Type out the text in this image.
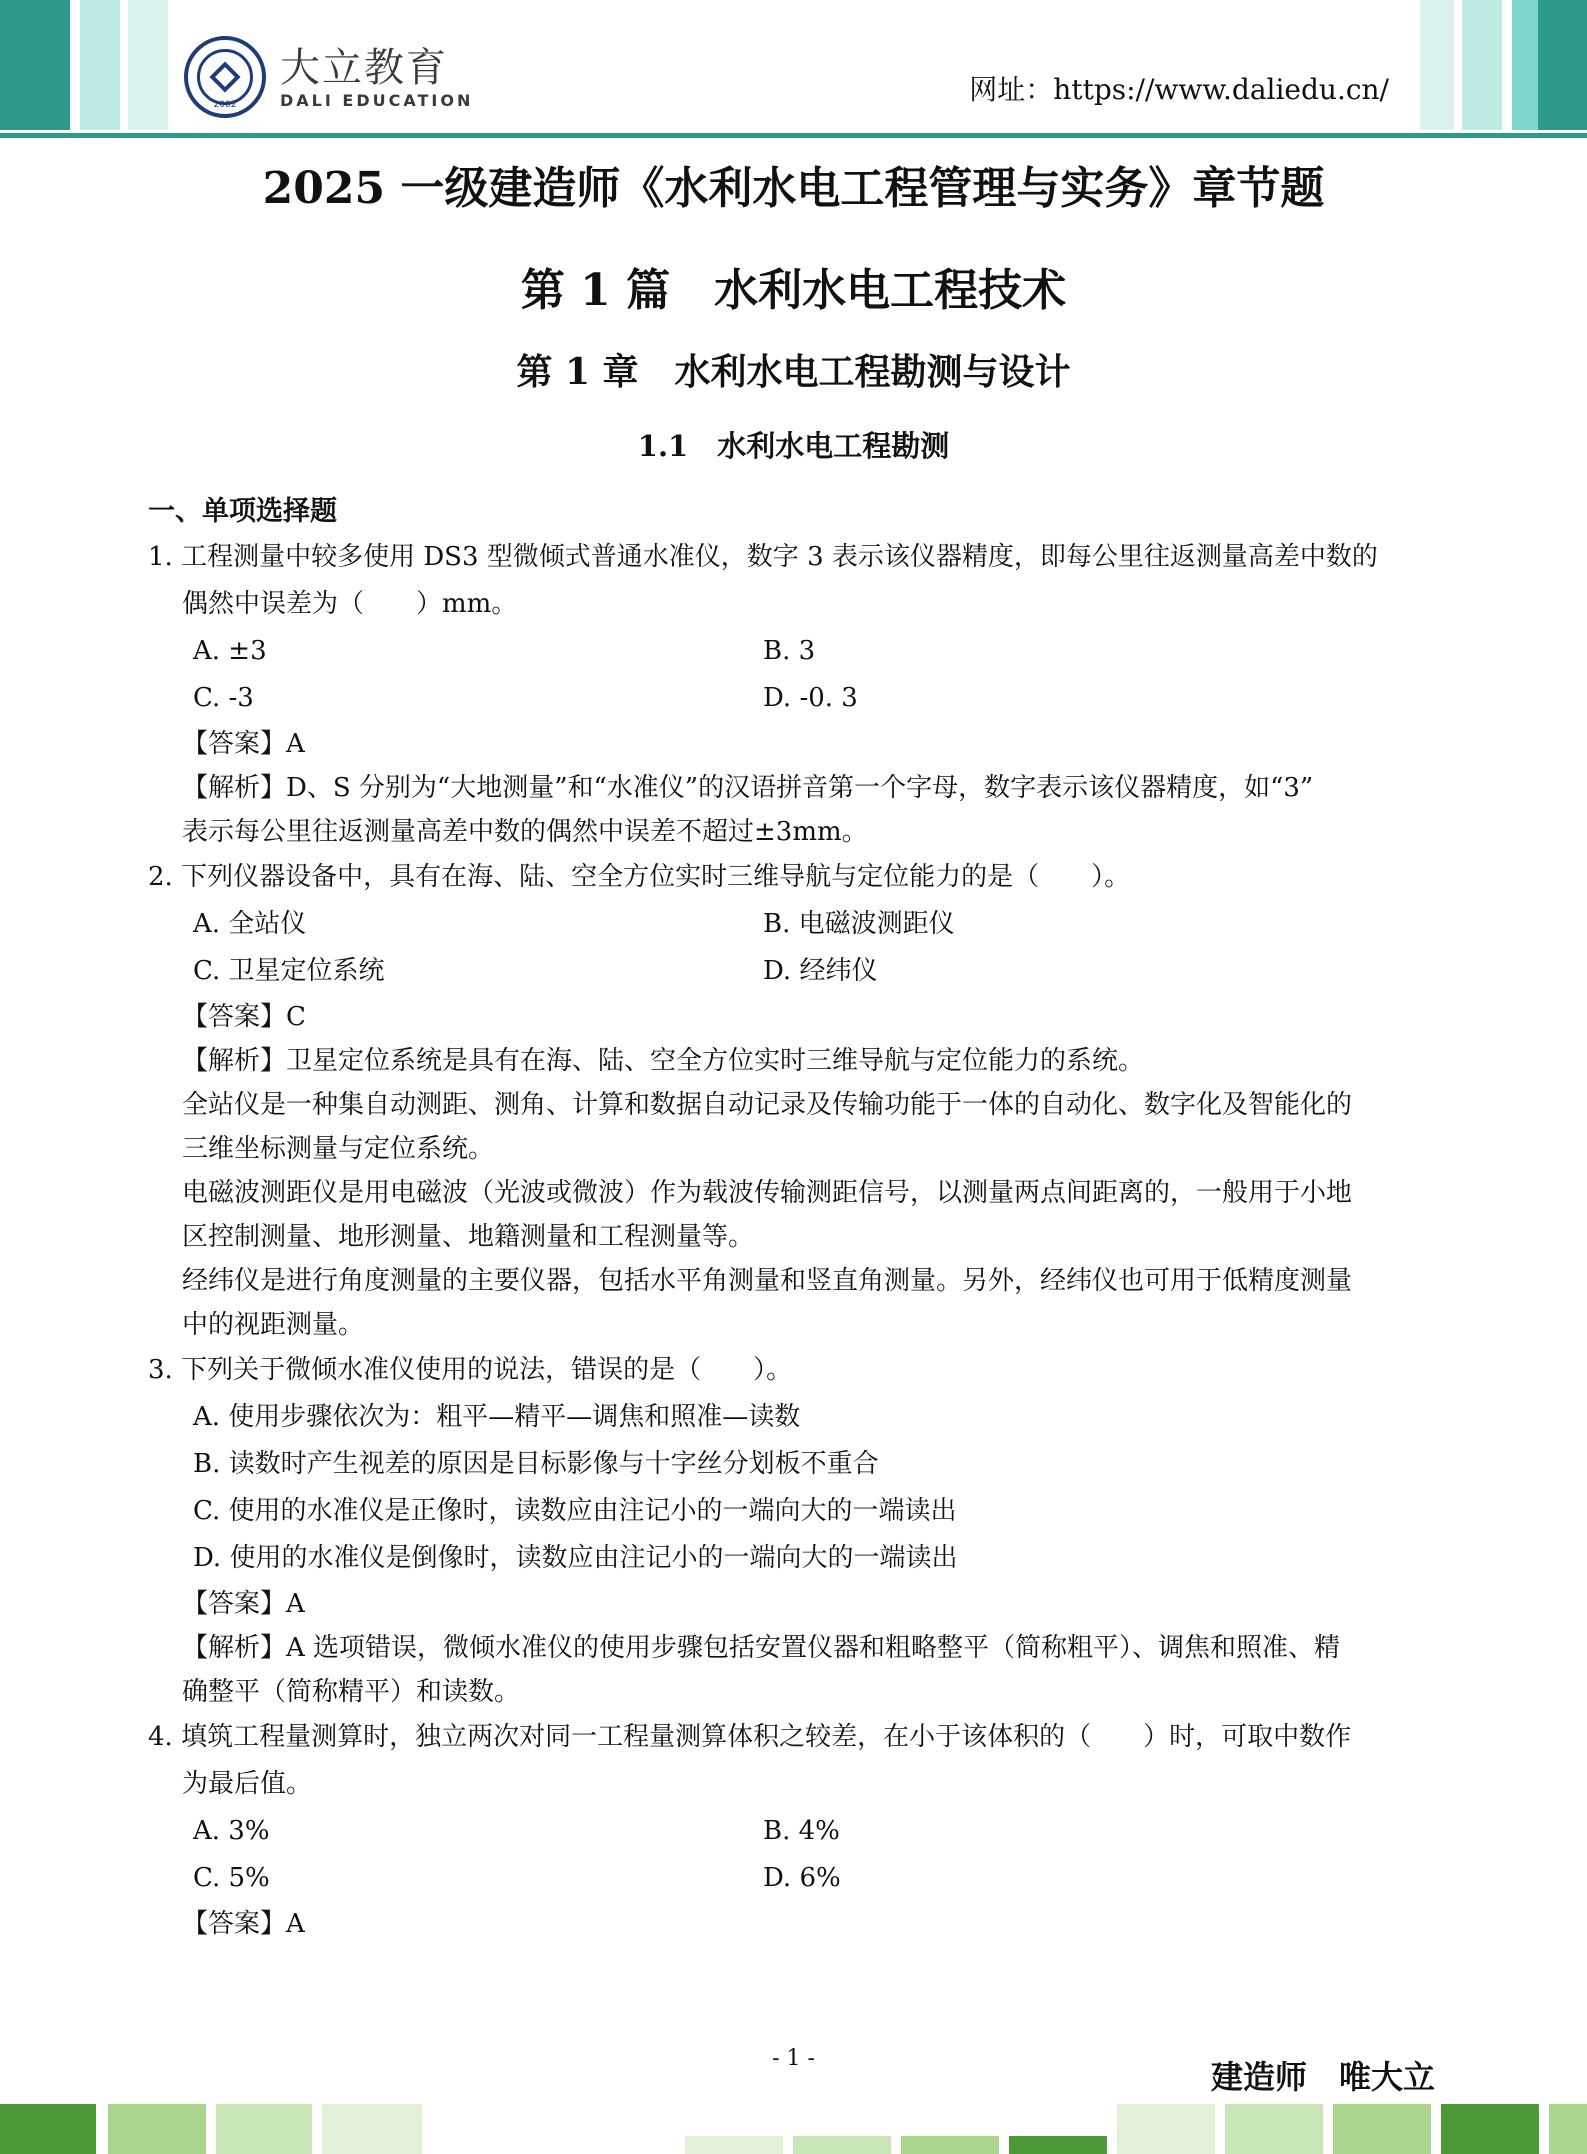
2002
大立教育
DALI EDUCATION	网址：https://www.daliedu.cn/
2025 一级建造师《水利水电工程管理与实务》章节题
第 1 篇　水利水电工程技术
第 1 章　水利水电工程勘测与设计
1.1　水利水电工程勘测
一、单项选择题
1. 工程测量中较多使用 DS3 型微倾式普通水准仪，数字 3 表示该仪器精度，即每公里往返测量高差中数的
偶然中误差为（　　）mm。
A. ±3	B. 3
C. -3	D. -0. 3
【答案】A
【解析】D、S 分别为“大地测量”和“水准仪”的汉语拼音第一个字母，数字表示该仪器精度，如“3”
表示每公里往返测量高差中数的偶然中误差不超过±3mm。
2. 下列仪器设备中，具有在海、陆、空全方位实时三维导航与定位能力的是（　　）。
A. 全站仪	B. 电磁波测距仪
C. 卫星定位系统	D. 经纬仪
【答案】C
【解析】卫星定位系统是具有在海、陆、空全方位实时三维导航与定位能力的系统。
全站仪是一种集自动测距、测角、计算和数据自动记录及传输功能于一体的自动化、数字化及智能化的
三维坐标测量与定位系统。
电磁波测距仪是用电磁波（光波或微波）作为载波传输测距信号，以测量两点间距离的，一般用于小地
区控制测量、地形测量、地籍测量和工程测量等。
经纬仪是进行角度测量的主要仪器，包括水平角测量和竖直角测量。另外，经纬仪也可用于低精度测量
中的视距测量。
3. 下列关于微倾水准仪使用的说法，错误的是（　　）。
A. 使用步骤依次为：粗平—精平—调焦和照准—读数
B. 读数时产生视差的原因是目标影像与十字丝分划板不重合
C. 使用的水准仪是正像时，读数应由注记小的一端向大的一端读出
D. 使用的水准仪是倒像时，读数应由注记小的一端向大的一端读出
【答案】A
【解析】A 选项错误，微倾水准仪的使用步骤包括安置仪器和粗略整平（简称粗平）、调焦和照准、精
确整平（简称精平）和读数。
4. 填筑工程量测算时，独立两次对同一工程量测算体积之较差，在小于该体积的（　　）时，可取中数作
为最后值。
A. 3%	B. 4%
C. 5%	D. 6%
【答案】A
- 1 -	建造师　唯大立
